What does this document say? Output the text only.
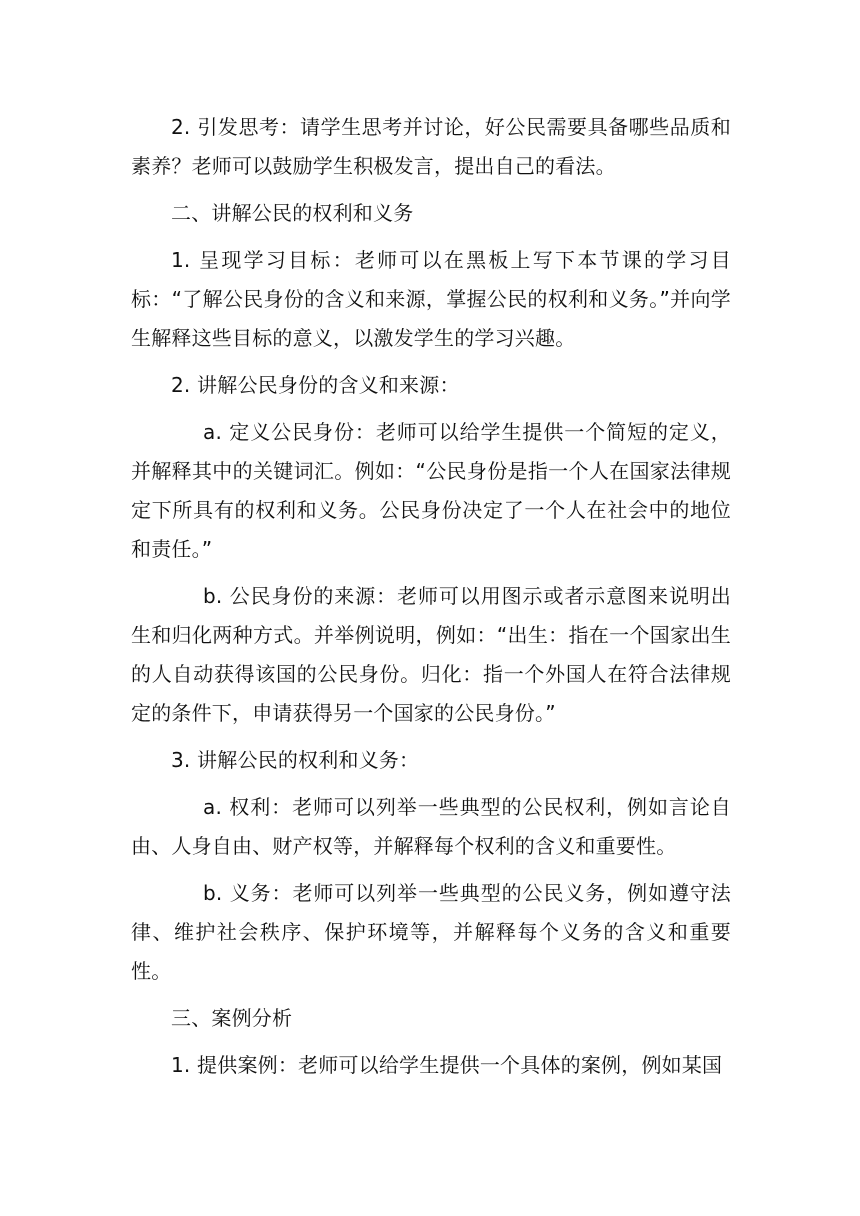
2. 引发思考：请学生思考并讨论，好公民需要具备哪些品质和素养？老师可以鼓励学生积极发言，提出自己的看法。

二、讲解公民的权利和义务

1. 呈现学习目标：老师可以在黑板上写下本节课的学习目标：“了解公民身份的含义和来源，掌握公民的权利和义务。”并向学生解释这些目标的意义，以激发学生的学习兴趣。

2. 讲解公民身份的含义和来源：

a. 定义公民身份：老师可以给学生提供一个简短的定义，并解释其中的关键词汇。例如：“公民身份是指一个人在国家法律规定下所具有的权利和义务。公民身份决定了一个人在社会中的地位和责任。”

b. 公民身份的来源：老师可以用图示或者示意图来说明出生和归化两种方式。并举例说明，例如：“出生：指在一个国家出生的人自动获得该国的公民身份。归化：指一个外国人在符合法律规定的条件下，申请获得另一个国家的公民身份。”

3. 讲解公民的权利和义务：

a. 权利：老师可以列举一些典型的公民权利，例如言论自由、人身自由、财产权等，并解释每个权利的含义和重要性。

b. 义务：老师可以列举一些典型的公民义务，例如遵守法律、维护社会秩序、保护环境等，并解释每个义务的含义和重要性。

三、案例分析

1. 提供案例：老师可以给学生提供一个具体的案例，例如某国
